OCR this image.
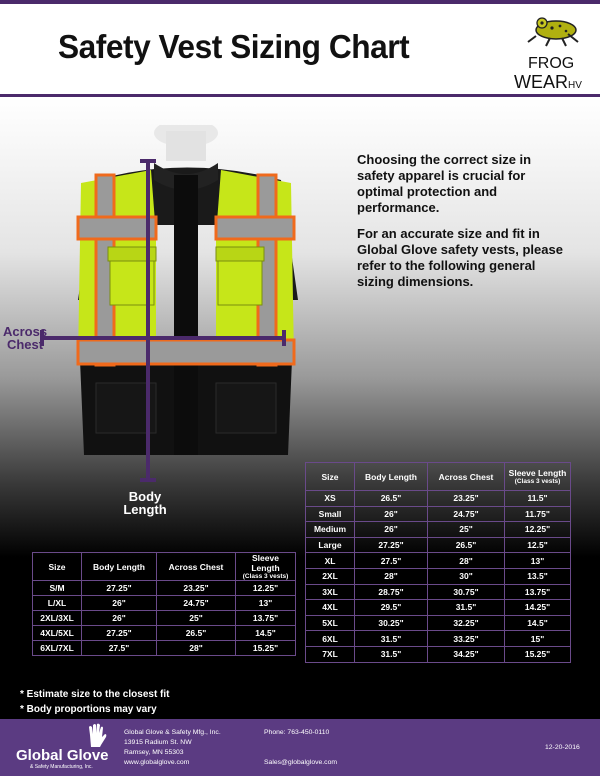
Safety Vest Sizing Chart	FROG
WEAR HV
Across
Chest
Body
Length

Choosing the correct size in safety apparel is crucial for optimal protection and performance.

For an accurate size and fit in Global Glove safety vests, please refer to the following general sizing dimensions.

Size	Body Length	Across Chest	Sleeve Length
(Class 3 vests)

XS	26.5"	23.25"	11.5"
Small	26"	24.75"	11.75"
Medium	26"	25"	12.25"
Large	27.25"	26.5"	12.5"
XL	27.5"	28"	13"
2XL	28"	30"	13.5"
3XL	28.75"	30.75"	13.75"
4XL	29.5"	31.5"	14.25"
5XL	30.25"	32.25"	14.5"
6XL	31.5"	33.25"	15"
7XL	31.5"	34.25"	15.25"
Size	Body Length	Across Chest	Sleeve Length
(Class 3 vests)

S/M	27.25"	23.25"	12.25"
L/XL	26"	24.75"	13"
2XL/3XL	26"	25"	13.75"
4XL/5XL	27.25"	26.5"	14.5"
6XL/7XL	27.5"	28"	15.25"
* Estimate size to the closest fit
* Body proportions may vary
Global Glove
& Safety Manufacturing, Inc.
Global Glove & Safety Mfg., Inc.
13915 Radium St. NW
Ramsey, MN 55303
www.globalglove.com
Phone: 763-450-0110
Sales@globalglove.com
12-20-2016
